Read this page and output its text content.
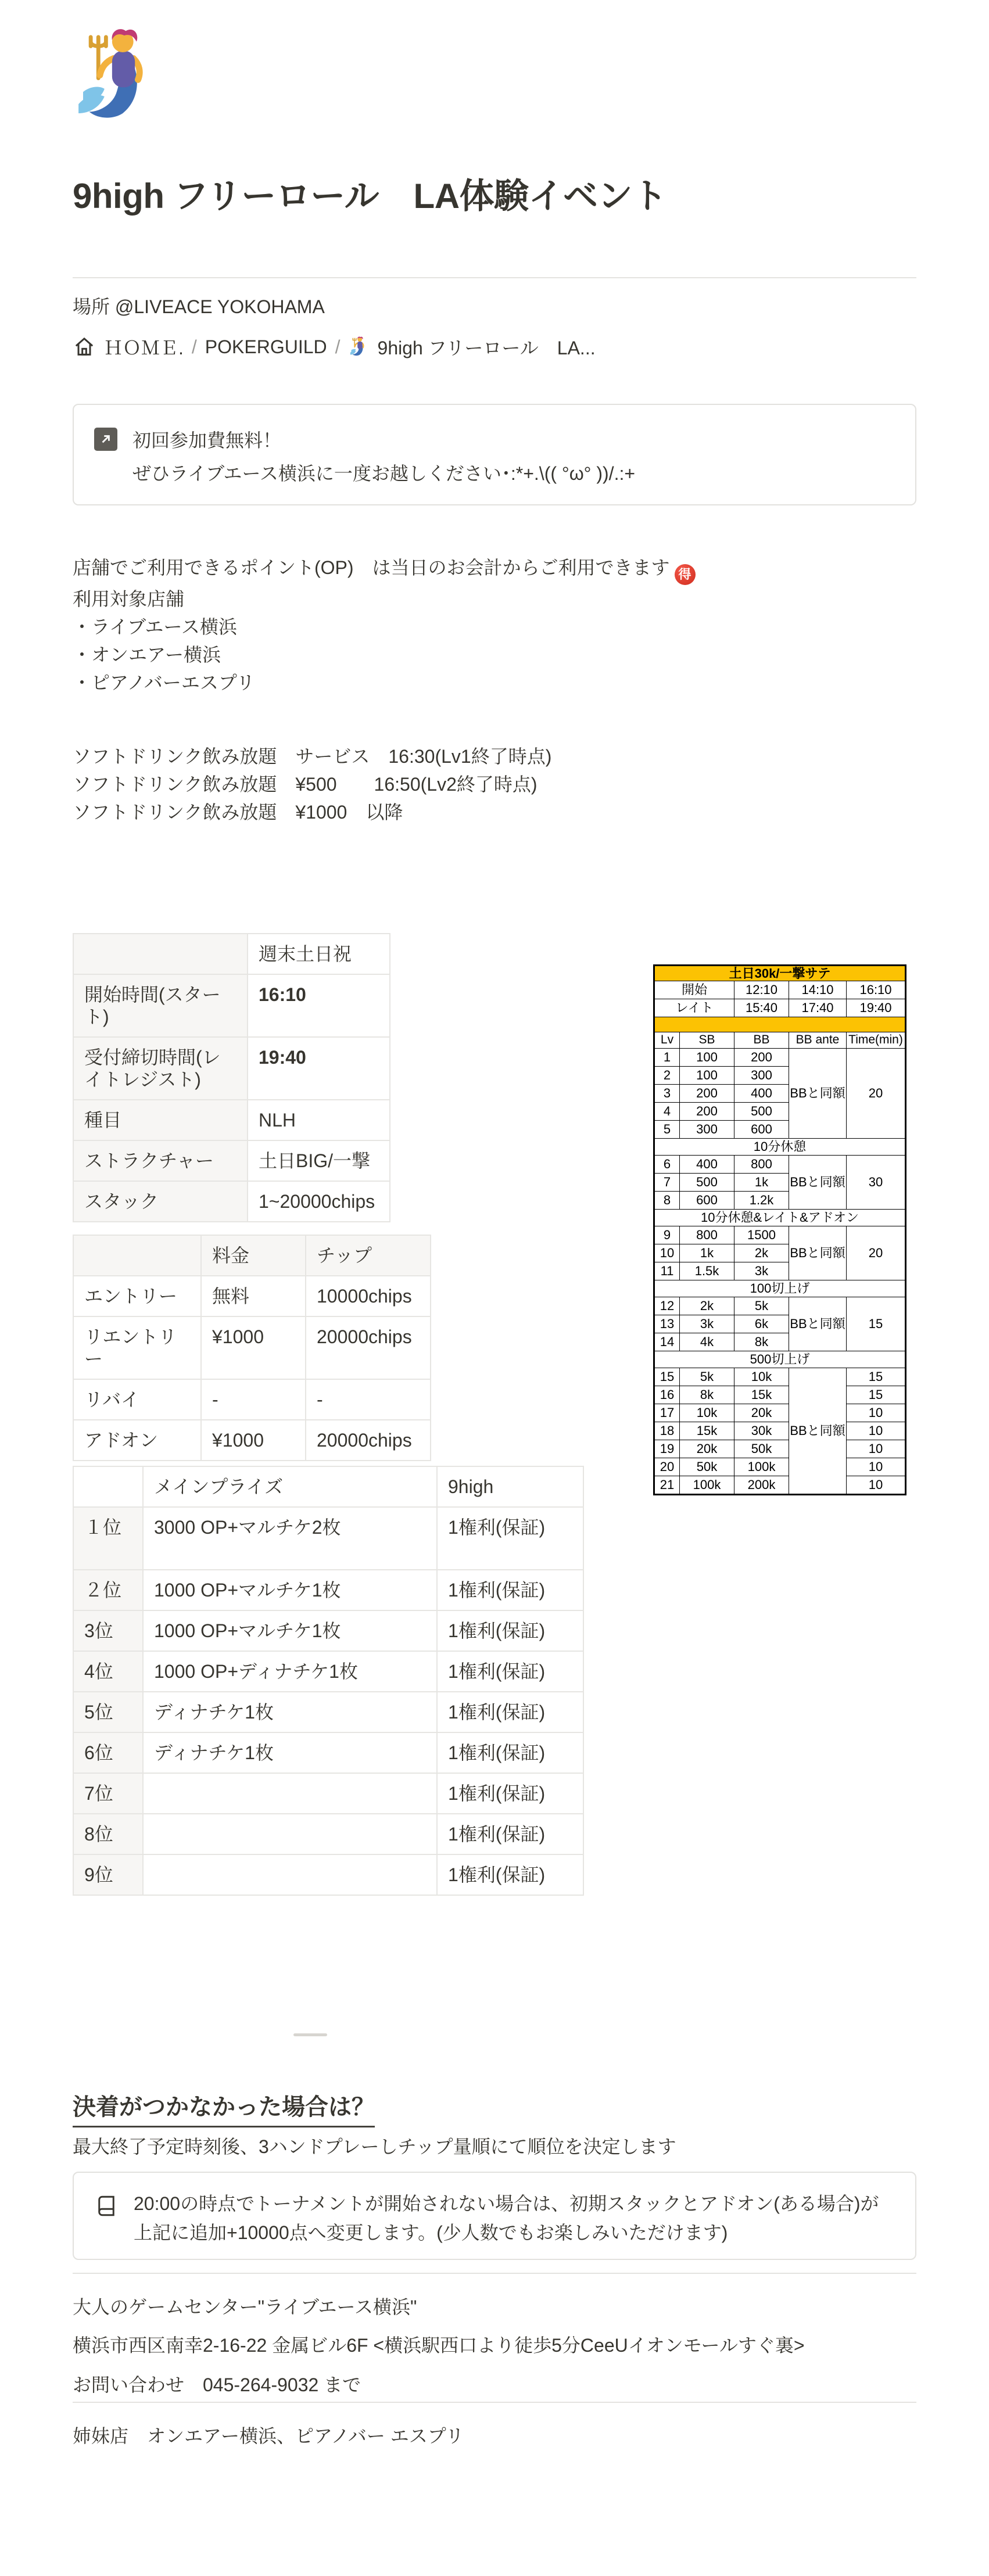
9high フリーロール　LA体験イベント
場所 @LIVEACE YOKOHAMA
ＨＯＭＥ. / POKERGUILD / 9high フリーロール　LA...
初回参加費無料！
ぜひライブエース横浜に一度お越しください･:*+.\(( °ω° ))/.:+
店舗でご利用できるポイント(OP)　は当日のお会計からご利用できます 得
利用対象店舗
・ライブエース横浜
・オンエアー横浜
・ピアノバーエスプリ
ソフトドリンク飲み放題　サービス　16:30(Lv1終了時点)
ソフトドリンク飲み放題　¥500　　16:50(Lv2終了時点)
ソフトドリンク飲み放題　¥1000　以降
	週末土日祝
開始時間(スタート)	16:10
受付締切時間(レイトレジスト)	19:40
種目	NLH
ストラクチャー	土日BIG/一撃
スタック	1~20000chips
	料金	チップ
エントリー	無料	10000chips
リエントリー	¥1000	20000chips
リバイ	-	-
アドオン	¥1000	20000chips
土日30k/一撃サテ				
開始		12:10	14:10	16:10
レイト		15:40	17:40	19:40

Lv	SB	BB	BB ante	Time(min)
1	100	200	BBと同額	20
2	100	300		
3	200	400		
4	200	500		
5	300	600		
10分休憩				
6	400	800	BBと同額	30
7	500	1k		
8	600	1.2k		
10分休憩&レイト&アドオン				
9	800	1500	BBと同額	20
10	1k	2k		
11	1.5k	3k		
100切上げ				
12	2k	5k	BBと同額	15
13	3k	6k		
14	4k	8k		
500切上げ				
15	5k	10k	BBと同額	15
16	8k	15k		15
17	10k	20k		10
18	15k	30k		10
19	20k	50k		10
20	50k	100k		10
21	100k	200k		10
	メインプライズ	9high
１位	3000 OP+マルチケ2枚	1権利(保証)
２位	1000 OP+マルチケ1枚	1権利(保証)
3位	1000 OP+マルチケ1枚	1権利(保証)
4位	1000 OP+ディナチケ1枚	1権利(保証)
5位	ディナチケ1枚	1権利(保証)
6位	ディナチケ1枚	1権利(保証)
7位		1権利(保証)
8位		1権利(保証)
9位		1権利(保証)
決着がつかなかった場合は？
最大終了予定時刻後、3ハンドプレーしチップ量順にて順位を決定します
20:00の時点でトーナメントが開始されない場合は、初期スタックとアドオン(ある場合)が上記に追加+10000点へ変更します。(少人数でもお楽しみいただけます)
大人のゲームセンター"ライブエース横浜"
横浜市西区南幸2-16-22 金属ビル6F <横浜駅西口より徒歩5分CeeUイオンモールすぐ裏>
お問い合わせ　045-264-9032 まで
姉妹店　オンエアー横浜、ピアノバー エスプリ
